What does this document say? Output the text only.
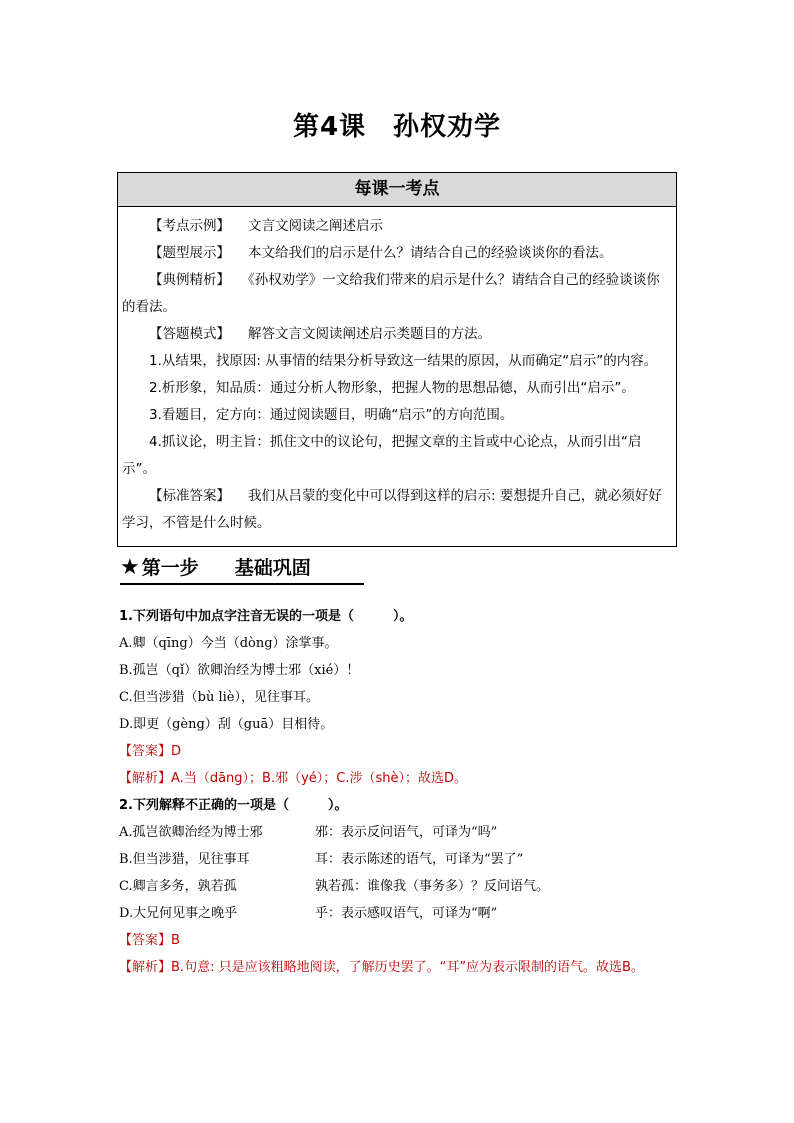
第4课　孙权劝学
每课一考点

【考点示例】 文言文阅读之阐述启示

【题型展示】 本文给我们的启示是什么？请结合自己的经验谈谈你的看法。

【典例精析】 《孙权劝学》一文给我们带来的启示是什么？请结合自己的经验谈谈你的看法。

【答题模式】 解答文言文阅读阐述启示类题目的方法。

1.从结果，找原因: 从事情的结果分析导致这一结果的原因，从而确定“启示”的内容。

2.析形象，知品质：通过分析人物形象，把握人物的思想品德，从而引出“启示”。

3.看题目，定方向：通过阅读题目，明确“启示”的方向范围。

4.抓议论，明主旨：抓住文中的议论句，把握文章的主旨或中心论点，从而引出“启示”。

【标准答案】 我们从吕蒙的变化中可以得到这样的启示: 要想提升自己，就必须好好学习，不管是什么时候。

★ 第一步 基础巩固
1.下列语句中加点字注音无误的一项是（　　　）。
A.卿（qīng）今当（dòng）涂掌事。
B.孤岂（qǐ）欲卿治经为博士邪（xié）！
C.但当涉猎（bù liè），见往事耳。
D.即更（gèng）刮（guā）目相待。
【答案】D
【解析】A.当（dāng）；B.邪（yé）；C.涉（shè）；故选D。
2.下列解释不正确的一项是（　　　）。
A.孤岂欲卿治经为博士邪	邪：表示反问语气，可译为“吗”
B.但当涉猎，见往事耳	耳：表示陈述的语气，可译为“罢了”
C.卿言多务，孰若孤	孰若孤：谁像我（事务多）？反问语气。
D.大兄何见事之晚乎	乎：表示感叹语气，可译为“啊”
【答案】B
【解析】B.句意: 只是应该粗略地阅读，了解历史罢了。“耳”应为表示限制的语气。故选B。
